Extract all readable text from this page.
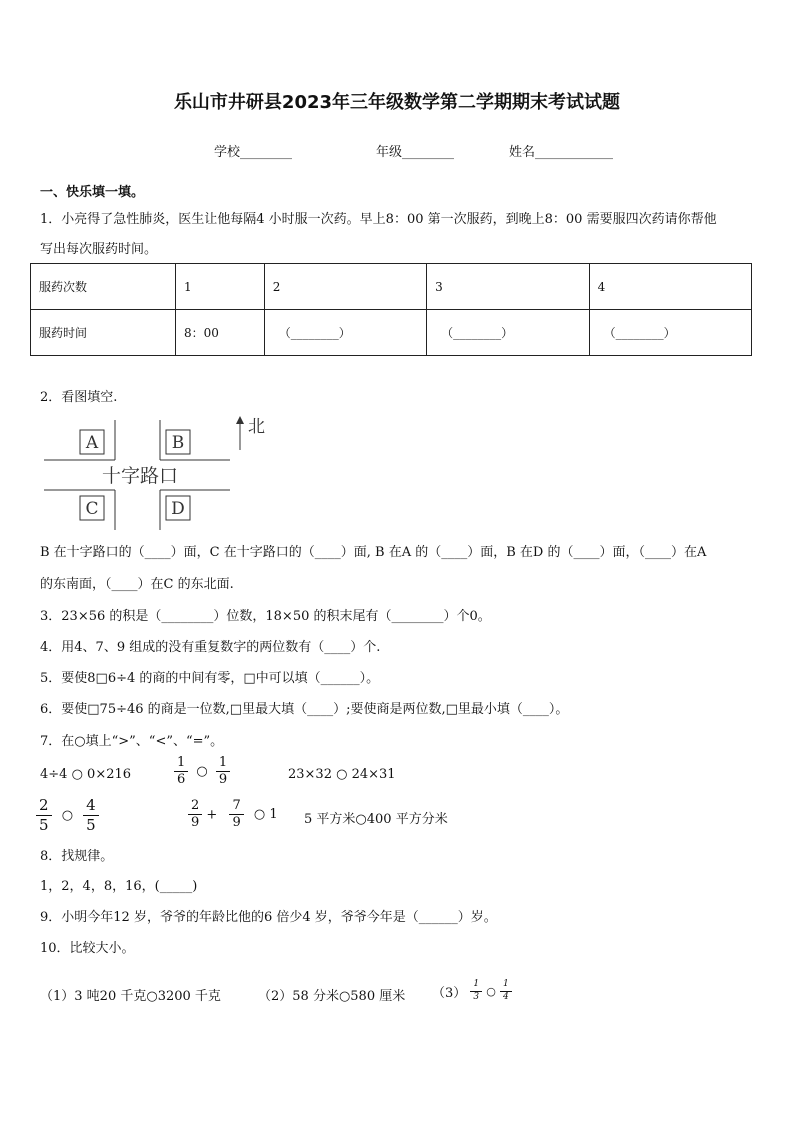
乐山市井研县2023年三年级数学第二学期期末考试试题
学校________	年级________	姓名____________
一、快乐填一填。
1．小亮得了急性肺炎，医生让他每隔4 小时服一次药。早上8：00 第一次服药，到晚上8：00 需要服四次药请你帮他
写出每次服药时间。
服药次数	1	2	3	4
服药时间	8：00	（________）	（________）	（________）
2．看图填空.
A	B
C	D
十字路口
北
B 在十字路口的（____）面，C 在十字路口的（____）面, B 在A 的（____）面，B 在D 的（____）面，（____）在A
的东南面，（____）在C 的东北面.
3．23×56 的积是（________）位数，18×50 的积末尾有（________）个0。
4．用4、7、9 组成的没有重复数字的两位数有（____）个.
5．要使8□6÷4 的商的中间有零，□中可以填（______）。
6．要使□75÷46 的商是一位数,□里最大填（____）;要使商是两位数,□里最小填（____）。
7．在○填上“>”、“<”、“=”。
4÷4 ○ 0×216	$\frac{1}{6}$ ○ $\frac{1}{9}$	23×32 ○ 24×31
$\frac{2}{5}$ ○ $\frac{4}{5}$	$\frac{2}{9} + \frac{7}{9}$ ○ 1 5 平方米○400 平方分米
8．找规律。
1，2，4，8，16，(_____)
9．小明今年12 岁，爷爷的年龄比他的6 倍少4 岁，爷爷今年是（______）岁。
10．比较大小。
（1）3 吨20 千克○3200 千克	（2）58 分米○580 厘米 $(3) \frac{1}{3}$ ○ $\frac{1}{4}$
